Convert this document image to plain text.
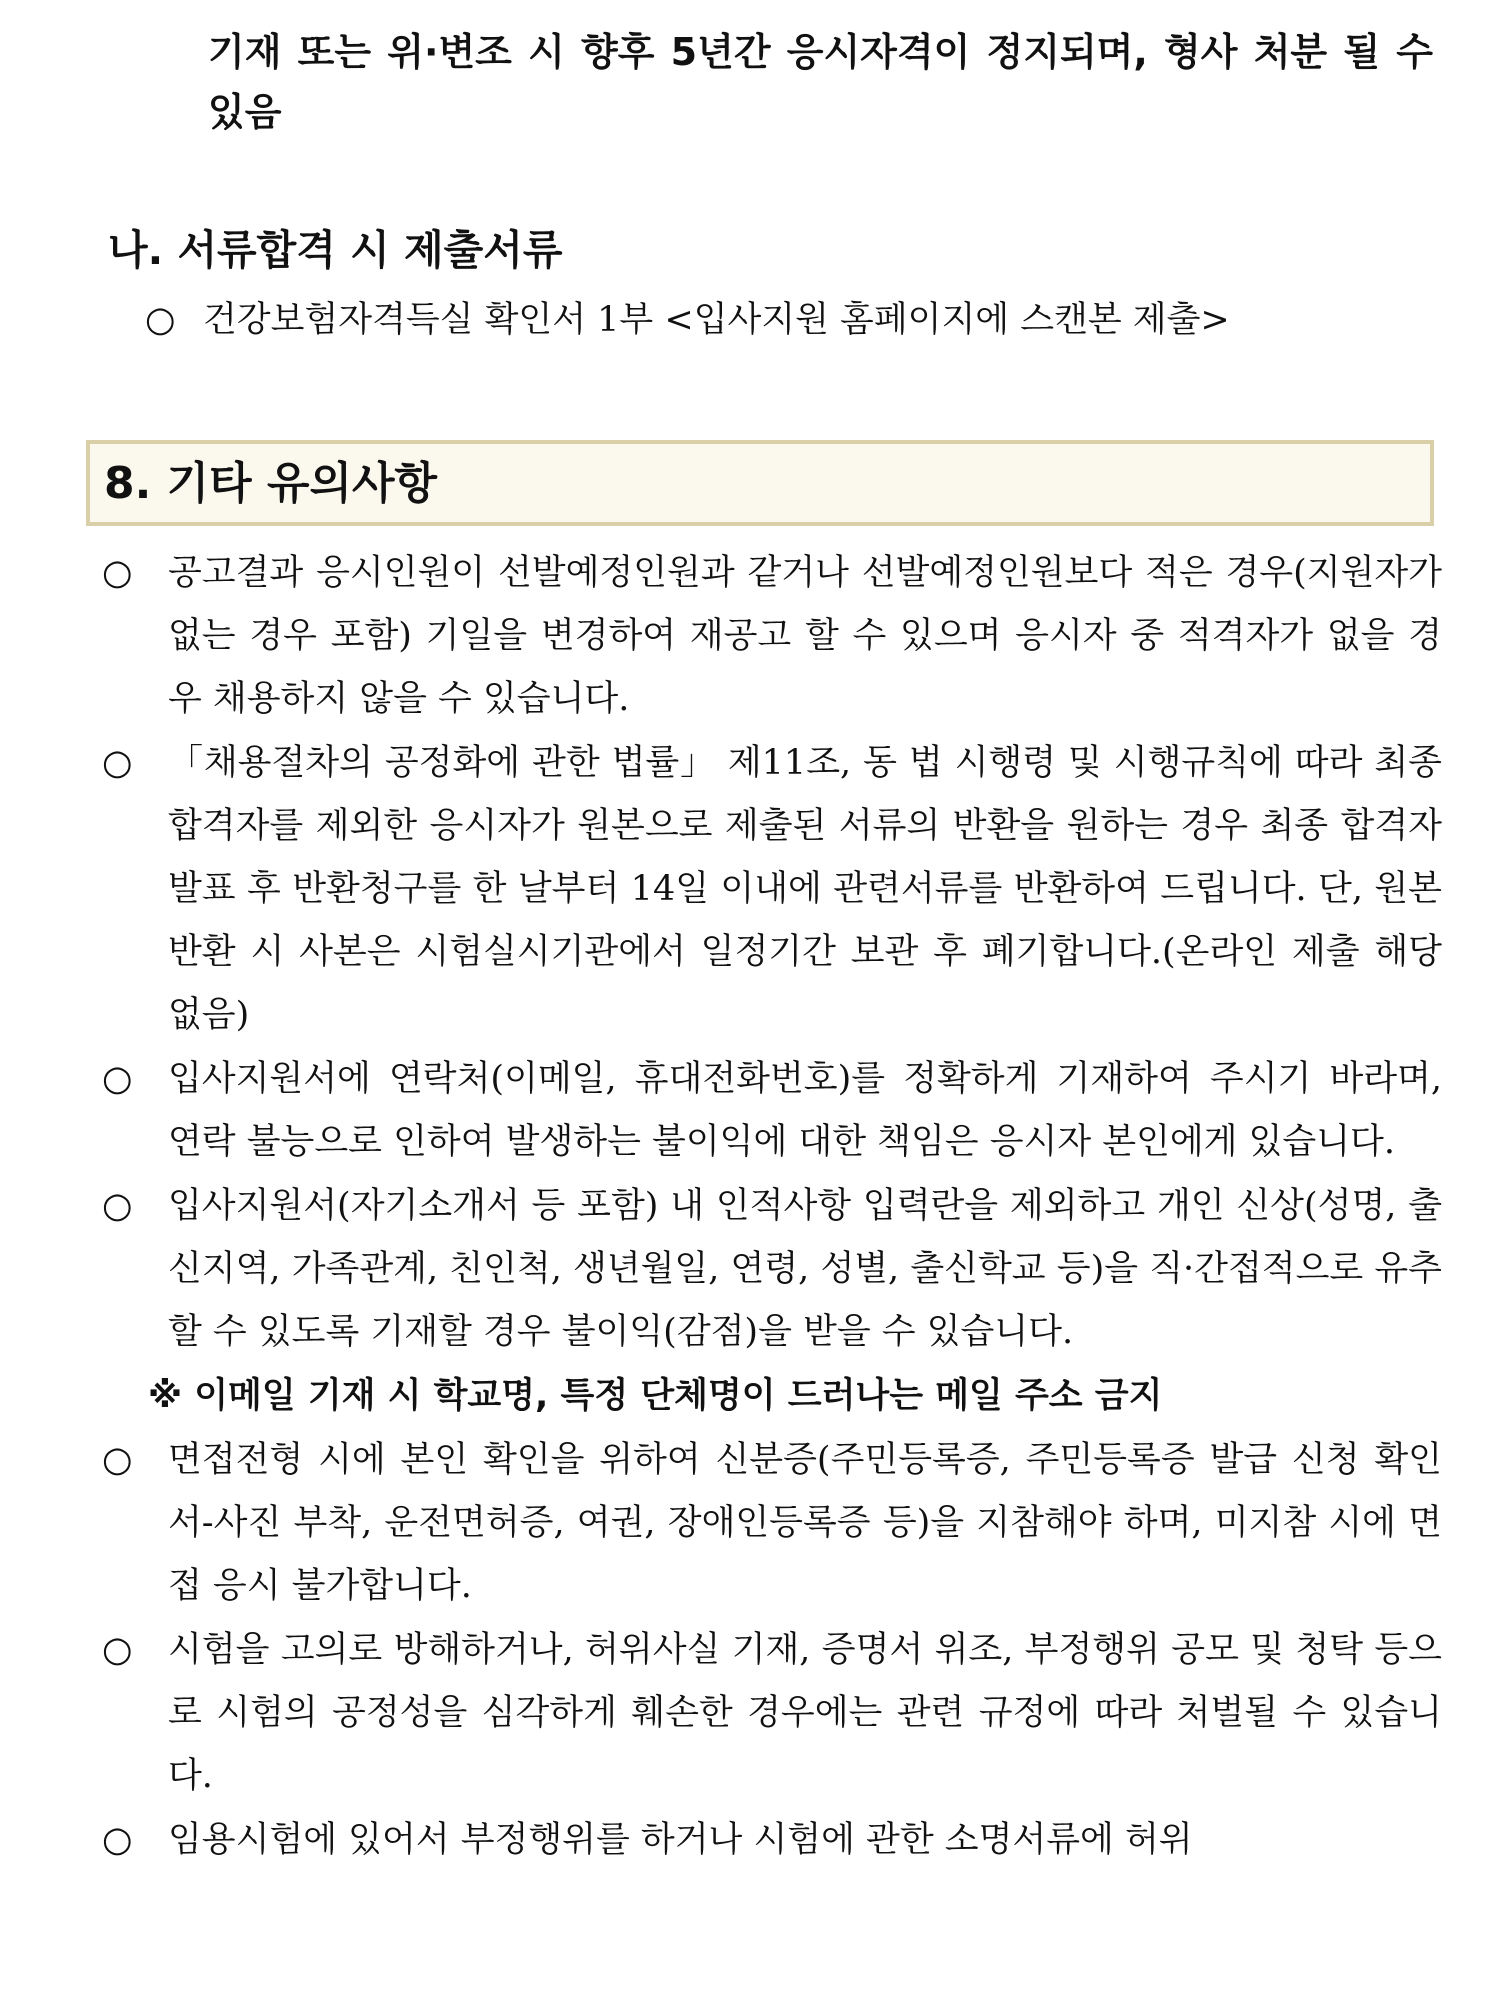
기재 또는 위·변조 시 향후 5년간 응시자격이 정지되며, 형사 처분 될 수 있음
나. 서류합격 시 제출서류
○ 건강보험자격득실 확인서 1부 <입사지원 홈페이지에 스캔본 제출>
8. 기타 유의사항
○	공고결과 응시인원이 선발예정인원과 같거나 선발예정인원보다 적은 경우(지원자가 없는 경우 포함) 기일을 변경하여 재공고 할 수 있으며 응시자 중 적격자가 없을 경우 채용하지 않을 수 있습니다.
○	「채용절차의 공정화에 관한 법률」 제11조, 동 법 시행령 및 시행규칙에 따라 최종 합격자를 제외한 응시자가 원본으로 제출된 서류의 반환을 원하는 경우 최종 합격자 발표 후 반환청구를 한 날부터 14일 이내에 관련서류를 반환하여 드립니다. 단, 원본 반환 시 사본은 시험실시기관에서 일정기간 보관 후 폐기합니다.(온라인 제출 해당없음)
○	입사지원서에 연락처(이메일, 휴대전화번호)를 정확하게 기재하여 주시기 바라며, 연락 불능으로 인하여 발생하는 불이익에 대한 책임은 응시자 본인에게 있습니다.
○	입사지원서(자기소개서 등 포함) 내 인적사항 입력란을 제외하고 개인 신상(성명, 출신지역, 가족관계, 친인척, 생년월일, 연령, 성별, 출신학교 등)을 직·간접적으로 유추할 수 있도록 기재할 경우 불이익(감점)을 받을 수 있습니다.
※ 이메일 기재 시 학교명, 특정 단체명이 드러나는 메일 주소 금지
○	면접전형 시에 본인 확인을 위하여 신분증(주민등록증, 주민등록증 발급 신청 확인서-사진 부착, 운전면허증, 여권, 장애인등록증 등)을 지참해야 하며, 미지참 시에 면접 응시 불가합니다.
○	시험을 고의로 방해하거나, 허위사실 기재, 증명서 위조, 부정행위 공모 및 청탁 등으로 시험의 공정성을 심각하게 훼손한 경우에는 관련 규정에 따라 처벌될 수 있습니다.
○	임용시험에 있어서 부정행위를 하거나 시험에 관한 소명서류에 허위
